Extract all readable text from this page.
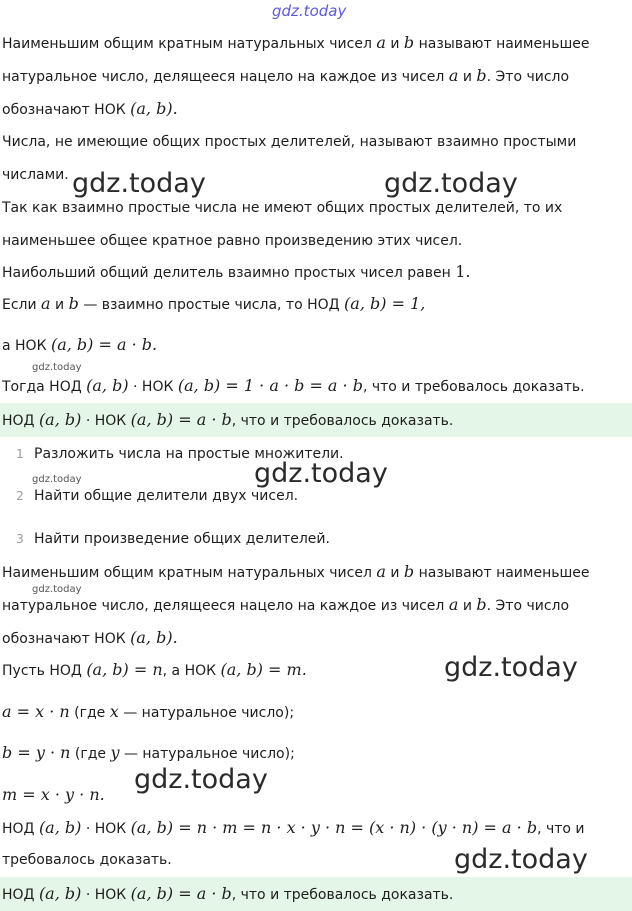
gdz.today
Наименьшим общим кратным натуральных чисел a и b называют наименьшее
натуральное число, делящееся нацело на каждое из чисел a и b. Это число
обозначают НОК (a, b).
Числа, не имеющие общих простых делителей, называют взаимно простыми
числами. gdz.today	gdz.today
Так как взаимно простые числа не имеют общих простых делителей, то их
наименьшее общее кратное равно произведению этих чисел.
Наибольший общий делитель взаимно простых чисел равен 1.
Если a и b — взаимно простые числа, то НОД (a, b) = 1,
а НОК (a, b) = a · b.
gdz.today
Тогда НОД (a, b) · НОК (a, b) = 1 · a · b = a · b, что и требовалось доказать.
НОД (a, b) · НОК (a, b) = a · b, что и требовалось доказать.
1 Разложить числа на простые множители.
gdz.today	gdz.today
2 Найти общие делители двух чисел.
3 Найти произведение общих делителей.
Наименьшим общим кратным натуральных чисел a и b называют наименьшее
gdz.today
натуральное число, делящееся нацело на каждое из чисел a и b. Это число
обозначают НОК (a, b).
Пусть НОД (a, b) = n, а НОК (a, b) = m.	gdz.today
a = x · n (где x — натуральное число);
b = y · n (где y — натуральное число);
m = x · y · n.	gdz.today
НОД (a, b) · НОК (a, b) = n · m = n · x · y · n = (x · n) · (y · n) = a · b, что и
требовалось доказать.	gdz.today
НОД (a, b) · НОК (a, b) = a · b, что и требовалось доказать.
